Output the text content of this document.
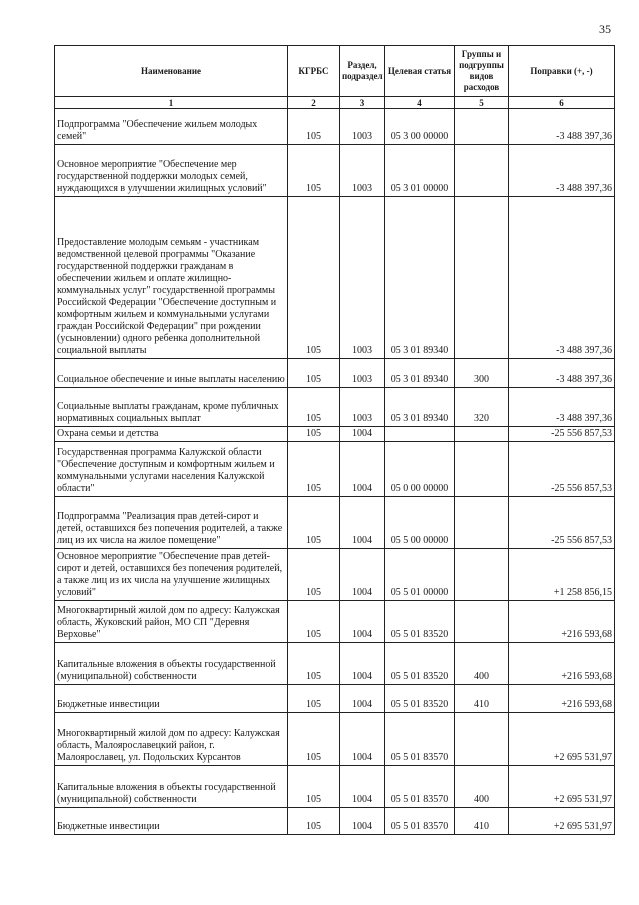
35
Наименование	КГРБС	Раздел, подраздел	Целевая статья	Группы и подгруппы видов расходов	Поправки (+, -)
1	2	3	4	5	6
Подпрограмма "Обеспечение жильем молодых семей"	105	1003	05 3 00 00000		-3 488 397,36
Основное мероприятие "Обеспечение мер государственной поддержки молодых семей, нуждающихся в улучшении жилищных условий"	105	1003	05 3 01 00000		-3 488 397,36
Предоставление молодым семьям - участникам ведомственной целевой программы "Оказание государственной поддержки гражданам в обеспечении жильем и оплате жилищно-коммунальных услуг" государственной программы Российской Федерации "Обеспечение доступным и комфортным жильем и коммунальными услугами граждан Российской Федерации" при рождении (усыновлении) одного ребенка дополнительной социальной выплаты	105	1003	05 3 01 89340		-3 488 397,36
Социальное обеспечение и иные выплаты населению	105	1003	05 3 01 89340	300	-3 488 397,36
Социальные выплаты гражданам, кроме публичных нормативных социальных выплат	105	1003	05 3 01 89340	320	-3 488 397,36
Охрана семьи и детства	105	1004			-25 556 857,53
Государственная программа Калужской области "Обеспечение доступным и комфортным жильем и коммунальными услугами населения Калужской области"	105	1004	05 0 00 00000		-25 556 857,53
Подпрограмма "Реализация прав детей-сирот и детей, оставшихся без попечения родителей, а также лиц из их числа на жилое помещение"	105	1004	05 5 00 00000		-25 556 857,53
Основное мероприятие "Обеспечение прав детей-сирот и детей, оставшихся без попечения родителей, а также лиц из их числа на улучшение жилищных условий"	105	1004	05 5 01 00000		+1 258 856,15
Многоквартирный жилой дом по адресу: Калужская область, Жуковский район, МО СП "Деревня Верховье"	105	1004	05 5 01 83520		+216 593,68
Капитальные вложения в объекты государственной (муниципальной) собственности	105	1004	05 5 01 83520	400	+216 593,68
Бюджетные инвестиции	105	1004	05 5 01 83520	410	+216 593,68
Многоквартирный жилой дом по адресу: Калужская область, Малоярославецкий район, г. Малоярославец, ул. Подольских Курсантов	105	1004	05 5 01 83570		+2 695 531,97
Капитальные вложения в объекты государственной (муниципальной) собственности	105	1004	05 5 01 83570	400	+2 695 531,97
Бюджетные инвестиции	105	1004	05 5 01 83570	410	+2 695 531,97
